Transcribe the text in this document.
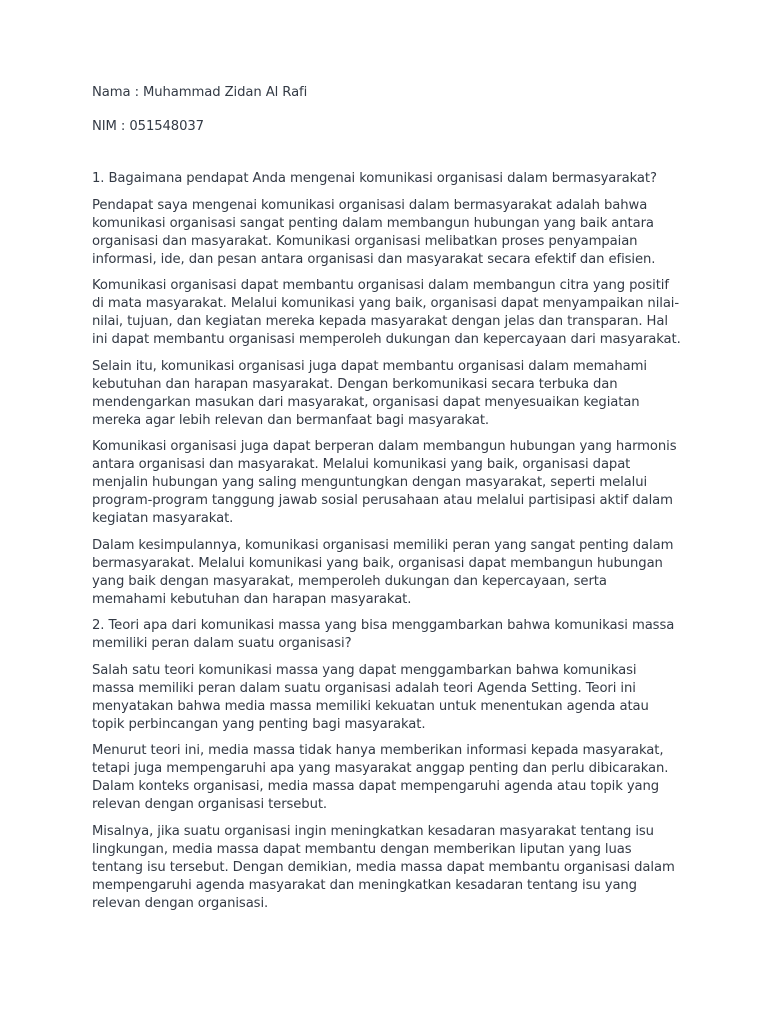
Nama : Muhammad Zidan Al Rafi

NIM : 051548037

1. Bagaimana pendapat Anda mengenai komunikasi organisasi dalam bermasyarakat?

Pendapat saya mengenai komunikasi organisasi dalam bermasyarakat adalah bahwa komunikasi organisasi sangat penting dalam membangun hubungan yang baik antara organisasi dan masyarakat. Komunikasi organisasi melibatkan proses penyampaian informasi, ide, dan pesan antara organisasi dan masyarakat secara efektif dan efisien.

Komunikasi organisasi dapat membantu organisasi dalam membangun citra yang positif di mata masyarakat. Melalui komunikasi yang baik, organisasi dapat menyampaikan nilai-nilai, tujuan, dan kegiatan mereka kepada masyarakat dengan jelas dan transparan. Hal ini dapat membantu organisasi memperoleh dukungan dan kepercayaan dari masyarakat.

Selain itu, komunikasi organisasi juga dapat membantu organisasi dalam memahami kebutuhan dan harapan masyarakat. Dengan berkomunikasi secara terbuka dan mendengarkan masukan dari masyarakat, organisasi dapat menyesuaikan kegiatan mereka agar lebih relevan dan bermanfaat bagi masyarakat.

Komunikasi organisasi juga dapat berperan dalam membangun hubungan yang harmonis antara organisasi dan masyarakat. Melalui komunikasi yang baik, organisasi dapat menjalin hubungan yang saling menguntungkan dengan masyarakat, seperti melalui program-program tanggung jawab sosial perusahaan atau melalui partisipasi aktif dalam kegiatan masyarakat.

Dalam kesimpulannya, komunikasi organisasi memiliki peran yang sangat penting dalam bermasyarakat. Melalui komunikasi yang baik, organisasi dapat membangun hubungan yang baik dengan masyarakat, memperoleh dukungan dan kepercayaan, serta memahami kebutuhan dan harapan masyarakat.

2. Teori apa dari komunikasi massa yang bisa menggambarkan bahwa komunikasi massa memiliki peran dalam suatu organisasi?

Salah satu teori komunikasi massa yang dapat menggambarkan bahwa komunikasi massa memiliki peran dalam suatu organisasi adalah teori Agenda Setting. Teori ini menyatakan bahwa media massa memiliki kekuatan untuk menentukan agenda atau topik perbincangan yang penting bagi masyarakat.

Menurut teori ini, media massa tidak hanya memberikan informasi kepada masyarakat, tetapi juga mempengaruhi apa yang masyarakat anggap penting dan perlu dibicarakan. Dalam konteks organisasi, media massa dapat mempengaruhi agenda atau topik yang relevan dengan organisasi tersebut.

Misalnya, jika suatu organisasi ingin meningkatkan kesadaran masyarakat tentang isu lingkungan, media massa dapat membantu dengan memberikan liputan yang luas tentang isu tersebut. Dengan demikian, media massa dapat membantu organisasi dalam mempengaruhi agenda masyarakat dan meningkatkan kesadaran tentang isu yang relevan dengan organisasi.
